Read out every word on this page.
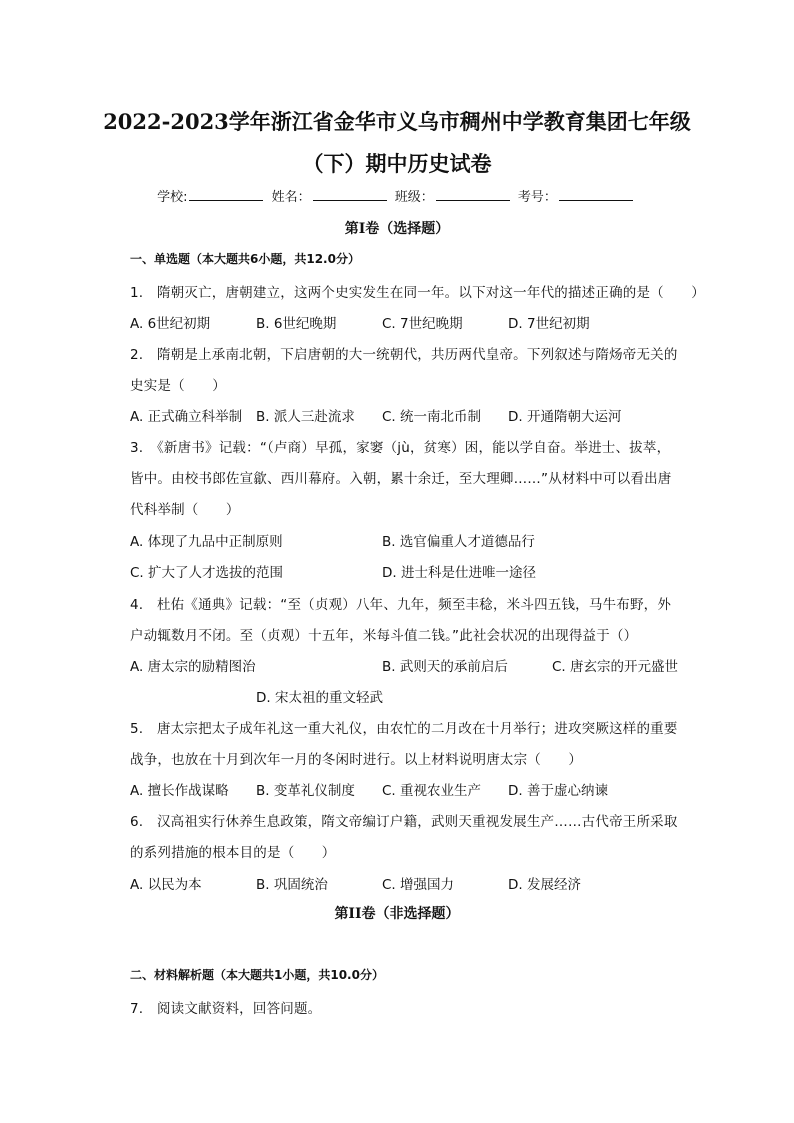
2022-2023学年浙江省金华市义乌市稠州中学教育集团七年级
（下）期中历史试卷
学校:	姓名：	班级：	考号：
第I卷（选择题）
一、单选题（本大题共6小题，共12.0分）
1.　隋朝灭亡，唐朝建立，这两个史实发生在同一年。以下对这一年代的描述正确的是（　　）
A. 6世纪初期	B. 6世纪晚期	C. 7世纪晚期	D. 7世纪初期
2.　隋朝是上承南北朝，下启唐朝的大一统朝代，共历两代皇帝。下列叙述与隋炀帝无关的
史实是（　　）
A. 正式确立科举制 B. 派人三赴流求 C. 统一南北币制 D. 开通隋朝大运河
3.　《新唐书》记载：“（卢商）早孤，家窭（jù，贫寒）困，能以学自奋。举进士、拔萃，
皆中。由校书郎佐宣歙、西川幕府。入朝，累十余迁，至大理卿……”从材料中可以看出唐
代科举制（　　）
A. 体现了九品中正制原则	B. 选官偏重人才道德品行
C. 扩大了人才选拔的范围	D. 进士科是仕进唯一途径
4.　杜佑《通典》记载：“至（贞观）八年、九年，频至丰稔，米斗四五钱，马牛布野，外
户动辄数月不闭。至（贞观）十五年，米每斗值二钱。”此社会状况的出现得益于（）
A. 唐太宗的励精图治	B. 武则天的承前启后	C. 唐玄宗的开元盛世
D. 宋太祖的重文轻武
5.　唐太宗把太子成年礼这一重大礼仪，由农忙的二月改在十月举行；进攻突厥这样的重要
战争，也放在十月到次年一月的冬闲时进行。以上材料说明唐太宗（　　）
A. 擅长作战谋略 B. 变革礼仪制度 C. 重视农业生产 D. 善于虚心纳谏
6.　汉高祖实行休养生息政策，隋文帝编订户籍，武则天重视发展生产……古代帝王所采取
的系列措施的根本目的是（　　）
A. 以民为本	B. 巩固统治	C. 增强国力	D. 发展经济
第II卷（非选择题）
二、材料解析题（本大题共1小题，共10.0分）
7.　阅读文献资料，回答问题。
